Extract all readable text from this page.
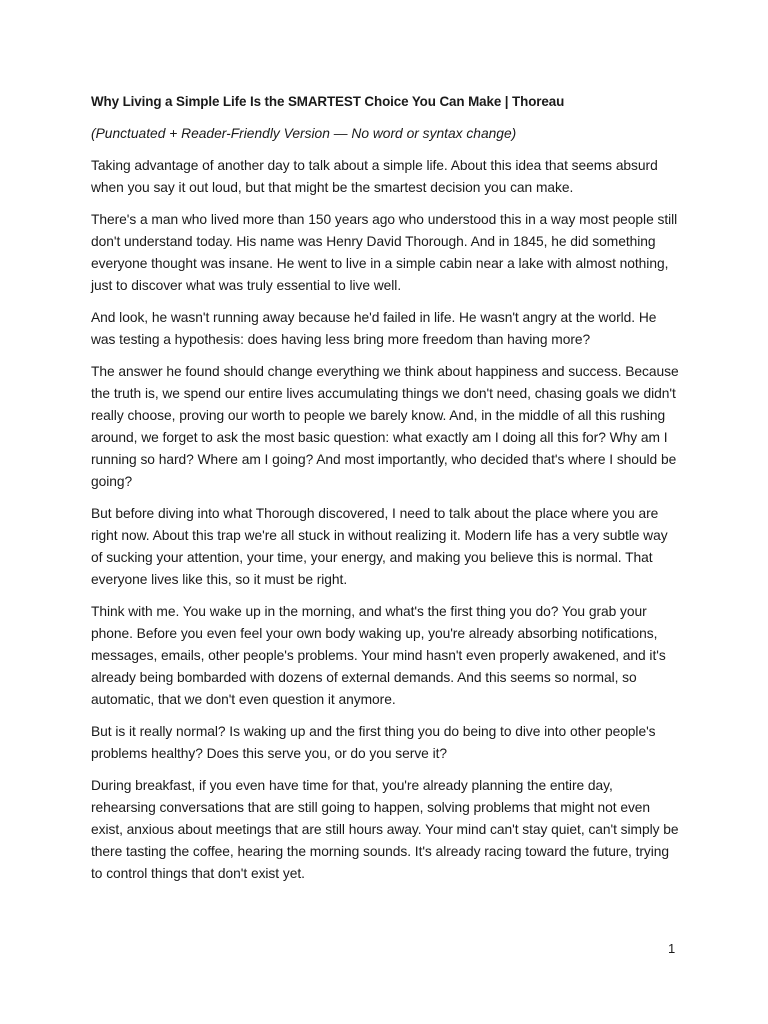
Why Living a Simple Life Is the SMARTEST Choice You Can Make | Thoreau
(Punctuated + Reader-Friendly Version — No word or syntax change)

Taking advantage of another day to talk about a simple life. About this idea that seems absurd when you say it out loud, but that might be the smartest decision you can make.

There's a man who lived more than 150 years ago who understood this in a way most people still don't understand today. His name was Henry David Thorough. And in 1845, he did something everyone thought was insane. He went to live in a simple cabin near a lake with almost nothing, just to discover what was truly essential to live well.

And look, he wasn't running away because he'd failed in life. He wasn't angry at the world. He was testing a hypothesis: does having less bring more freedom than having more?

The answer he found should change everything we think about happiness and success. Because the truth is, we spend our entire lives accumulating things we don't need, chasing goals we didn't really choose, proving our worth to people we barely know. And, in the middle of all this rushing around, we forget to ask the most basic question: what exactly am I doing all this for? Why am I running so hard? Where am I going? And most importantly, who decided that's where I should be going?

But before diving into what Thorough discovered, I need to talk about the place where you are right now. About this trap we're all stuck in without realizing it. Modern life has a very subtle way of sucking your attention, your time, your energy, and making you believe this is normal. That everyone lives like this, so it must be right.

Think with me. You wake up in the morning, and what's the first thing you do? You grab your phone. Before you even feel your own body waking up, you're already absorbing notifications, messages, emails, other people's problems. Your mind hasn't even properly awakened, and it's already being bombarded with dozens of external demands. And this seems so normal, so automatic, that we don't even question it anymore.

But is it really normal? Is waking up and the first thing you do being to dive into other people's problems healthy? Does this serve you, or do you serve it?

During breakfast, if you even have time for that, you're already planning the entire day, rehearsing conversations that are still going to happen, solving problems that might not even exist, anxious about meetings that are still hours away. Your mind can't stay quiet, can't simply be there tasting the coffee, hearing the morning sounds. It's already racing toward the future, trying to control things that don't exist yet.

1
